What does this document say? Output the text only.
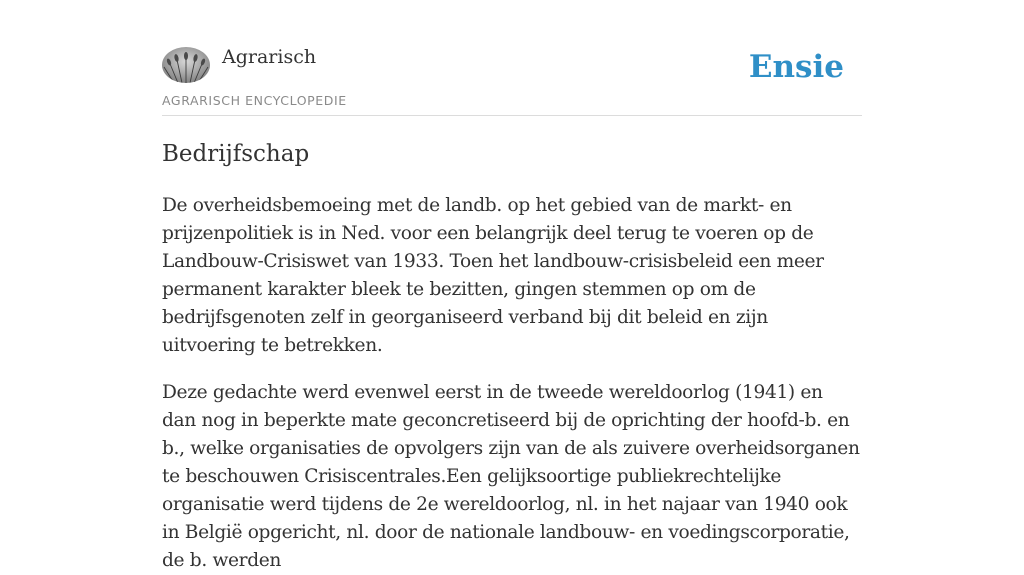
Agrarisch
AGRARISCH ENCYCLOPEDIE
Ensie
Bedrijfschap

De overheidsbemoeing met de landb. op het gebied van de markt- en prijzenpolitiek is in Ned. voor een belangrijk deel terug te voeren op de Landbouw-Crisiswet van 1933. Toen het landbouw-crisisbeleid een meer permanent karakter bleek te bezitten, gingen stemmen op om de bedrijfsgenoten zelf in georganiseerd verband bij dit beleid en zijn uitvoering te betrekken.

Deze gedachte werd evenwel eerst in de tweede wereldoorlog (1941) en dan nog in beperkte mate geconcretiseerd bij de oprichting der hoofd-b. en b., welke organisaties de opvolgers zijn van de als zuivere overheidsorganen te beschouwen Crisiscentrales.Een gelijksoortige publiekrechtelijke organisatie werd tijdens de 2e wereldoorlog, nl. in het najaar van 1940 ook in België opgericht, nl. door de nationale landbouw- en voedingscorporatie, de b. werden
